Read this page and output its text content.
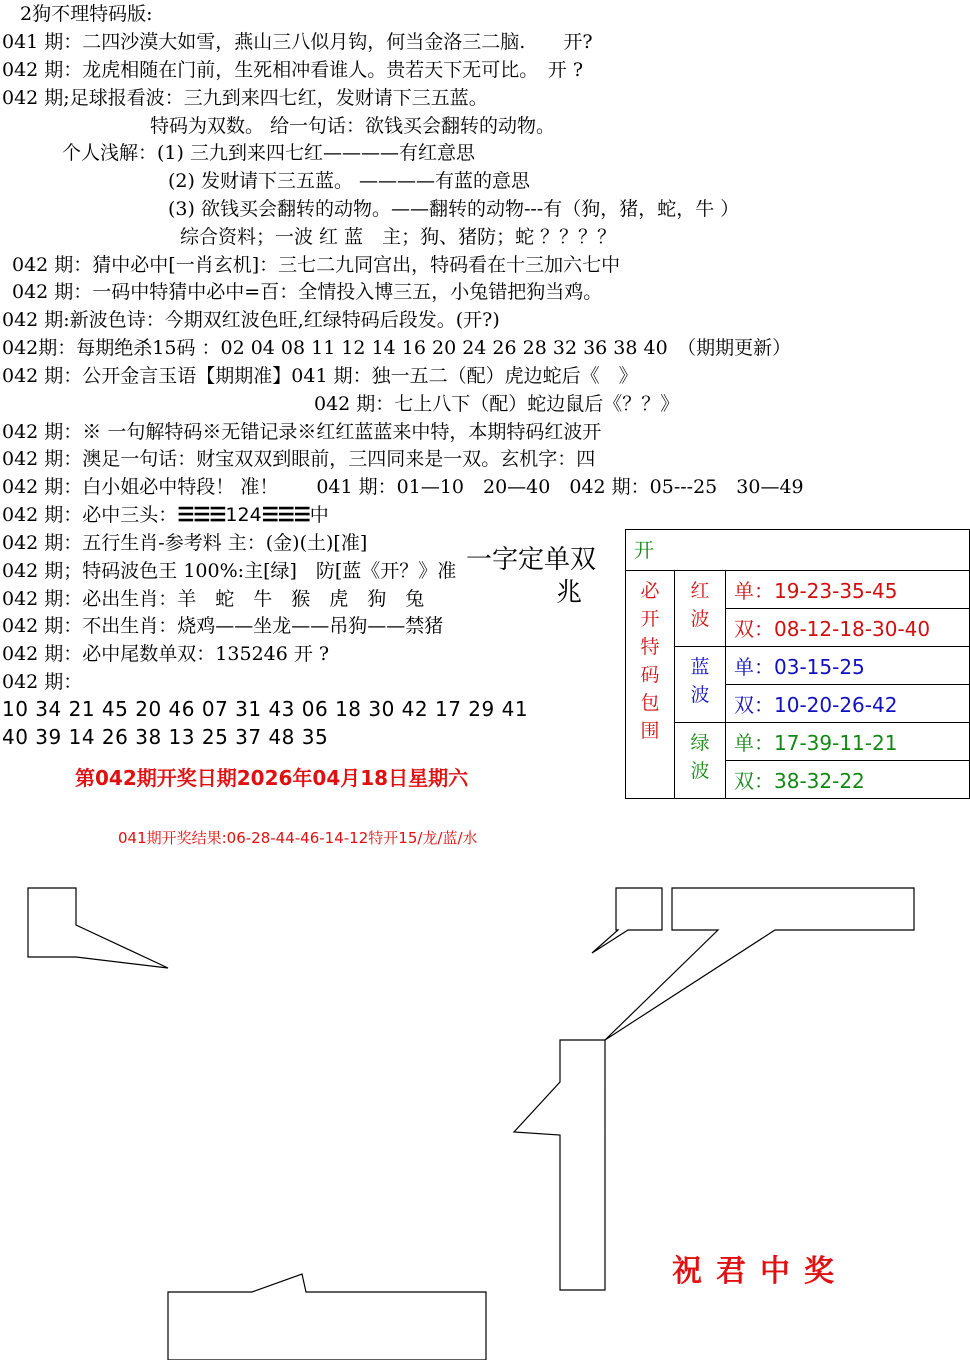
2狗不理特码版:
041 期：二四沙漠大如雪，燕山三八似月钩，何当金洛三二脑.　　开?
042 期：龙虎相随在门前，生死相冲看谁人。贵若天下无可比。　开 ?
042 期;足球报看波：三九到来四七红，发财请下三五蓝。
特码为双数。 给一句话：欲钱买会翻转的动物。
个人浅解：(1) 三九到来四七红————有红意思
(2) 发财请下三五蓝。 ————有蓝的意思
(3) 欲钱买会翻转的动物。——翻转的动物---有（狗，猪，蛇，牛 ）
综合资料；一波 红 蓝　主；狗、猪防；蛇 ？？？？
042 期：猜中必中[一肖玄机]：三七二九同宫出，特码看在十三加六七中
042 期：一码中特猜中必中=百：全情投入博三五，小兔错把狗当鸡。
042 期:新波色诗：今期双红波色旺,红绿特码后段发。(开?)
042期：每期绝杀15码 ：02 04 08 11 12 14 16 20 24 26 28 32 36 38 40　（期期更新）
042 期：公开金言玉语【期期准】041 期：独一五二（配）虎边蛇后《　》
042 期：七上八下（配）蛇边鼠后《？？》
042 期：※ 一句解特码※无错记录※红红蓝蓝来中特，本期特码红波开
042 期：澳足一句话：财宝双双到眼前，三四同来是一双。玄机字：四
042 期：白小姐必中特段！ 准！　　041 期：01—10　20—40　042 期：05---25　30—49
042 期：必中三头：☰☰☰124☰☰☰中
042 期：五行生肖-参考料 主：(金)(土)[准]
042 期；特码波色王 100%:主[绿]　防[蓝《开？》准
042 期：必出生肖：羊　蛇　牛　猴　虎　狗　兔
042 期：不出生肖：烧鸡——坐龙——吊狗——禁猪
042 期：必中尾数单双：135246 开 ?
042 期：
10 34 21 45 20 46 07 31 43 06 18 30 42 17 29 41
40 39 14 26 38 13 25 37 48 35
第042期开奖日期2026年04月18日星期六
041期开奖结果:06-28-44-46-14-12特开15/龙/蓝/水
一字定单双
兆
开		

必开特码包围	红波	单：19-23-35-45
		双：08-12-18-30-40

	蓝波	单：03-15-25
		双：10-20-26-42

	绿波	单：17-39-11-21
		双：38-32-22
祝君中奖
